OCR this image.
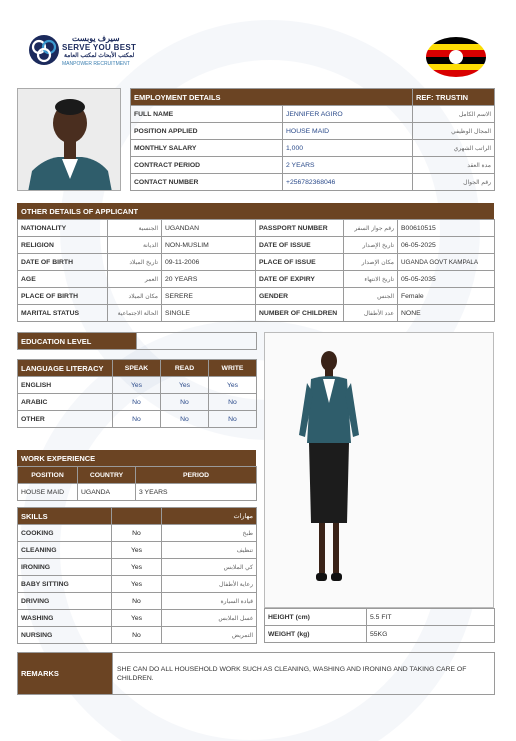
سيرف يوبست
SERVE YOU BEST
لمكتب الأبحاث لمكتب العامة
MANPOWER RECRUITMENT
EMPLOYMENT DETAILS		REF: TRUSTIN
FULL NAME	JENNIFER AGIRO	الاسم الكامل
POSITION APPLIED	HOUSE MAID	المجال الوظيفي
MONTHLY SALARY	1,000	الراتب الشهري
CONTRACT PERIOD	2 YEARS	مدة العقد
CONTACT NUMBER	+256782368046	رقم الجوال
OTHER DETAILS OF APPLICANT
NATIONALITY	الجنسية	UGANDAN	PASSPORT NUMBER	رقم جواز السفر	B00610515
RELIGION	الديانة	NON-MUSLIM	DATE OF ISSUE	تاريخ الإصدار	06-05-2025
DATE OF BIRTH	تاريخ الميلاد	09-11-2006	PLACE OF ISSUE	مكان الإصدار	UGANDA GOVT KAMPALA
AGE	العمر	20 YEARS	DATE OF EXPIRY	تاريخ الانتهاء	05-05-2035
PLACE OF BIRTH	مكان الميلاد	SERERE	GENDER	الجنس	Female
MARITAL STATUS	الحالة الاجتماعية	SINGLE	NUMBER OF CHILDREN	عدد الأطفال	NONE
EDUCATION LEVEL	
LANGUAGE LITERACY	SPEAK	READ	WRITE
ENGLISH	Yes	Yes	Yes
ARABIC	No	No	No
OTHER	No	No	No
WORK EXPERIENCE
POSITION	COUNTRY	PERIOD
HOUSE MAID	UGANDA	3 YEARS
SKILLS		مهارات
COOKING	No	طبخ
CLEANING	Yes	تنظيف
IRONING	Yes	كي الملابس
BABY SITTING	Yes	رعاية الأطفال
DRIVING	No	قيادة السيارة
WASHING	Yes	غسل الملابس
NURSING	No	التمريض
HEIGHT (cm)	5.5 FIT
WEIGHT (kg)	55KG
REMARKS	SHE CAN DO ALL HOUSEHOLD WORK SUCH AS CLEANING, WASHING AND IRONING AND TAKING CARE OF CHILDREN.
